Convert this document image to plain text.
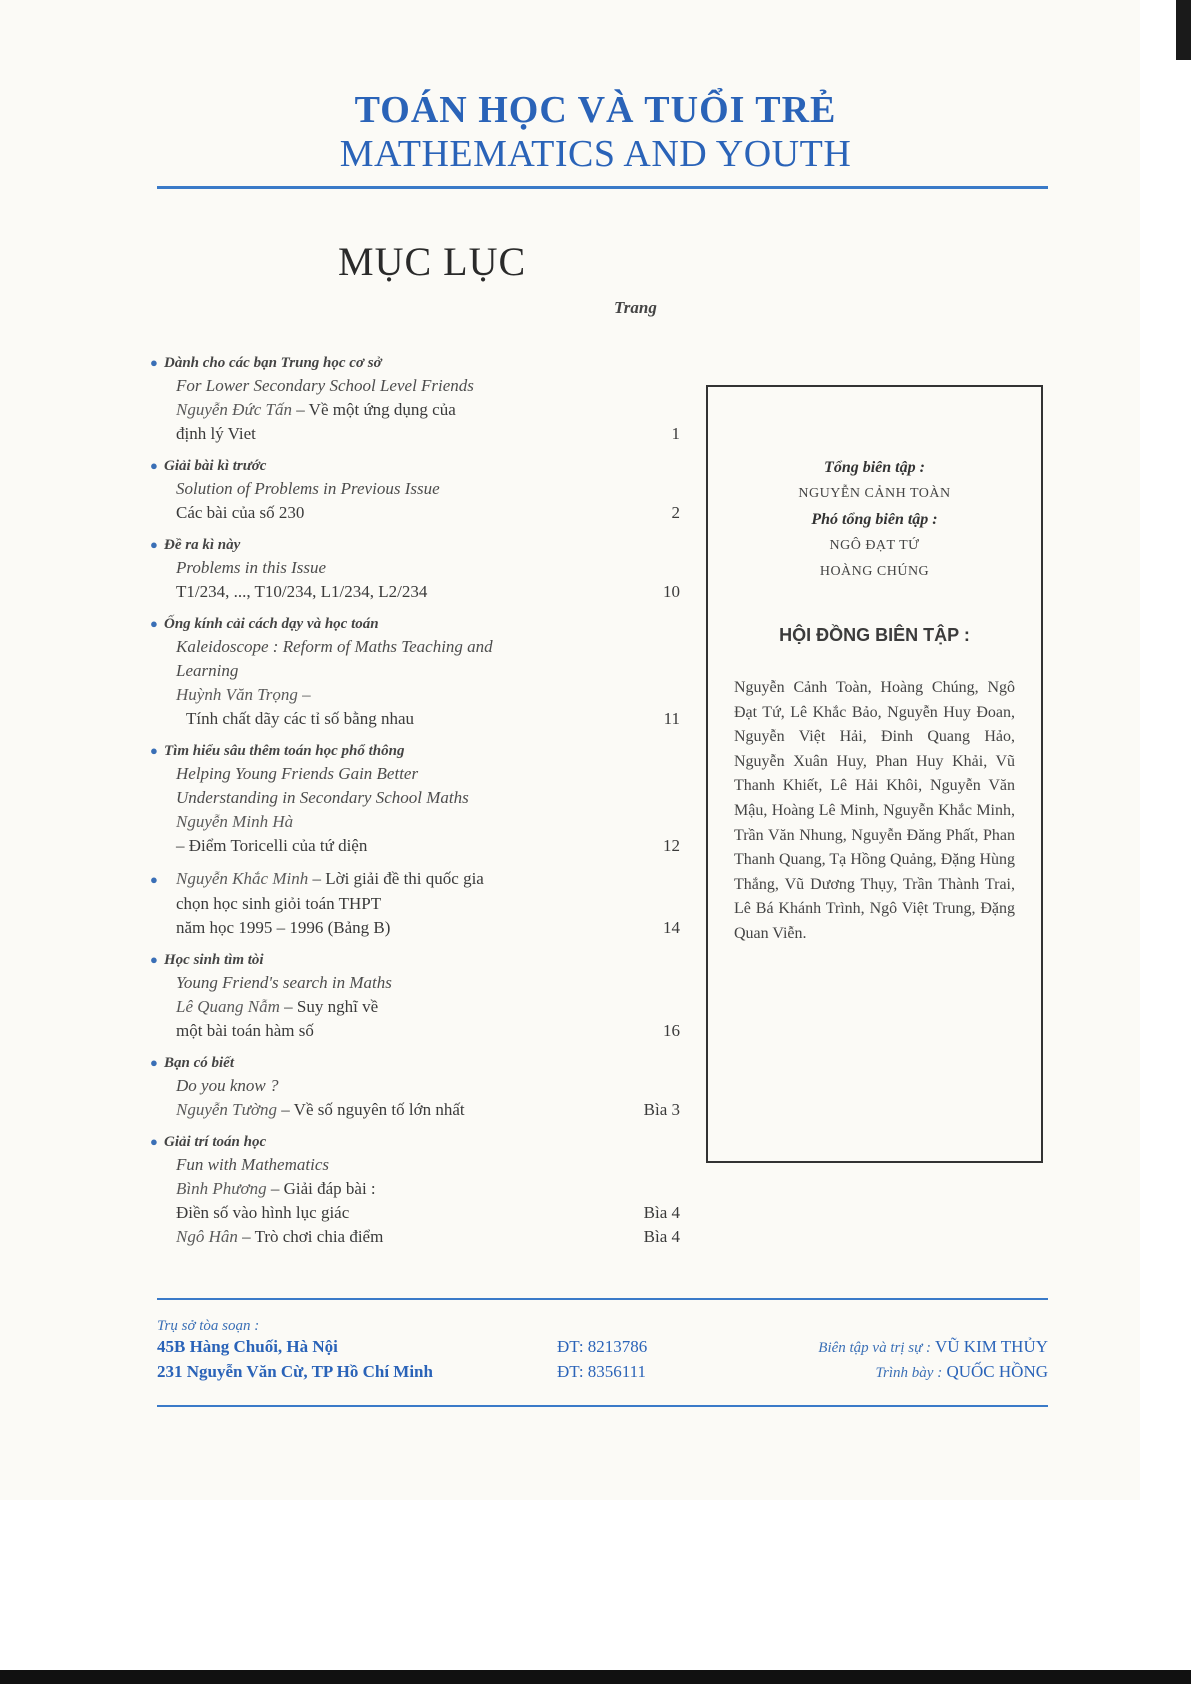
TOÁN HỌC VÀ TUỔI TRẺ
MATHEMATICS AND YOUTH
MỤC LỤC
Trang
● Dành cho các bạn Trung học cơ sở
For Lower Secondary School Level Friends
Nguyễn Đức Tấn – Về một ứng dụng của
định lý Viet	1
● Giải bài kì trước
Solution of Problems in Previous Issue
Các bài của số 230	2
● Đề ra kì này
Problems in this Issue
T1/234, ..., T10/234, L1/234, L2/234	10
● Ống kính cải cách dạy và học toán
Kaleidoscope : Reform of Maths Teaching and
Learning
Huỳnh Văn Trọng –
Tính chất dãy các tỉ số bằng nhau	11
● Tìm hiểu sâu thêm toán học phổ thông
Helping Young Friends Gain Better
Understanding in Secondary School Maths
Nguyễn Minh Hà
– Điểm Toricelli của tứ diện	12
● Nguyễn Khắc Minh – Lời giải đề thi quốc gia
chọn học sinh giỏi toán THPT
năm học 1995 – 1996 (Bảng B)	14
● Học sinh tìm tòi
Young Friend's search in Maths
Lê Quang Nẫm – Suy nghĩ về
một bài toán hàm số	16
● Bạn có biết
Do you know ?
Nguyễn Tường – Về số nguyên tố lớn nhất	Bìa 3
● Giải trí toán học
Fun with Mathematics
Bình Phương – Giải đáp bài :
Điền số vào hình lục giác	Bìa 4
Ngô Hân – Trò chơi chia điểm	Bìa 4
Tổng biên tập :
NGUYỄN CẢNH TOÀN
Phó tổng biên tập :
NGÔ ĐẠT TỨ
HOÀNG CHÚNG
HỘI ĐỒNG BIÊN TẬP :
Nguyễn Cảnh Toàn, Hoàng Chúng, Ngô Đạt Tứ, Lê Khắc Bảo, Nguyễn Huy Đoan, Nguyễn Việt Hải, Đinh Quang Hảo, Nguyễn Xuân Huy, Phan Huy Khải, Vũ Thanh Khiết, Lê Hải Khôi, Nguyễn Văn Mậu, Hoàng Lê Minh, Nguyễn Khắc Minh, Trần Văn Nhung, Nguyễn Đăng Phất, Phan Thanh Quang, Tạ Hồng Quảng, Đặng Hùng Thắng, Vũ Dương Thụy, Trần Thành Trai, Lê Bá Khánh Trình, Ngô Việt Trung, Đặng Quan Viễn.
Trụ sở tòa soạn :
45B Hàng Chuối, Hà Nội	ĐT: 8213786	Biên tập và trị sự : VŨ KIM THỦY
231 Nguyễn Văn Cừ, TP Hồ Chí Minh	ĐT: 8356111	Trình bày : QUỐC HỒNG
